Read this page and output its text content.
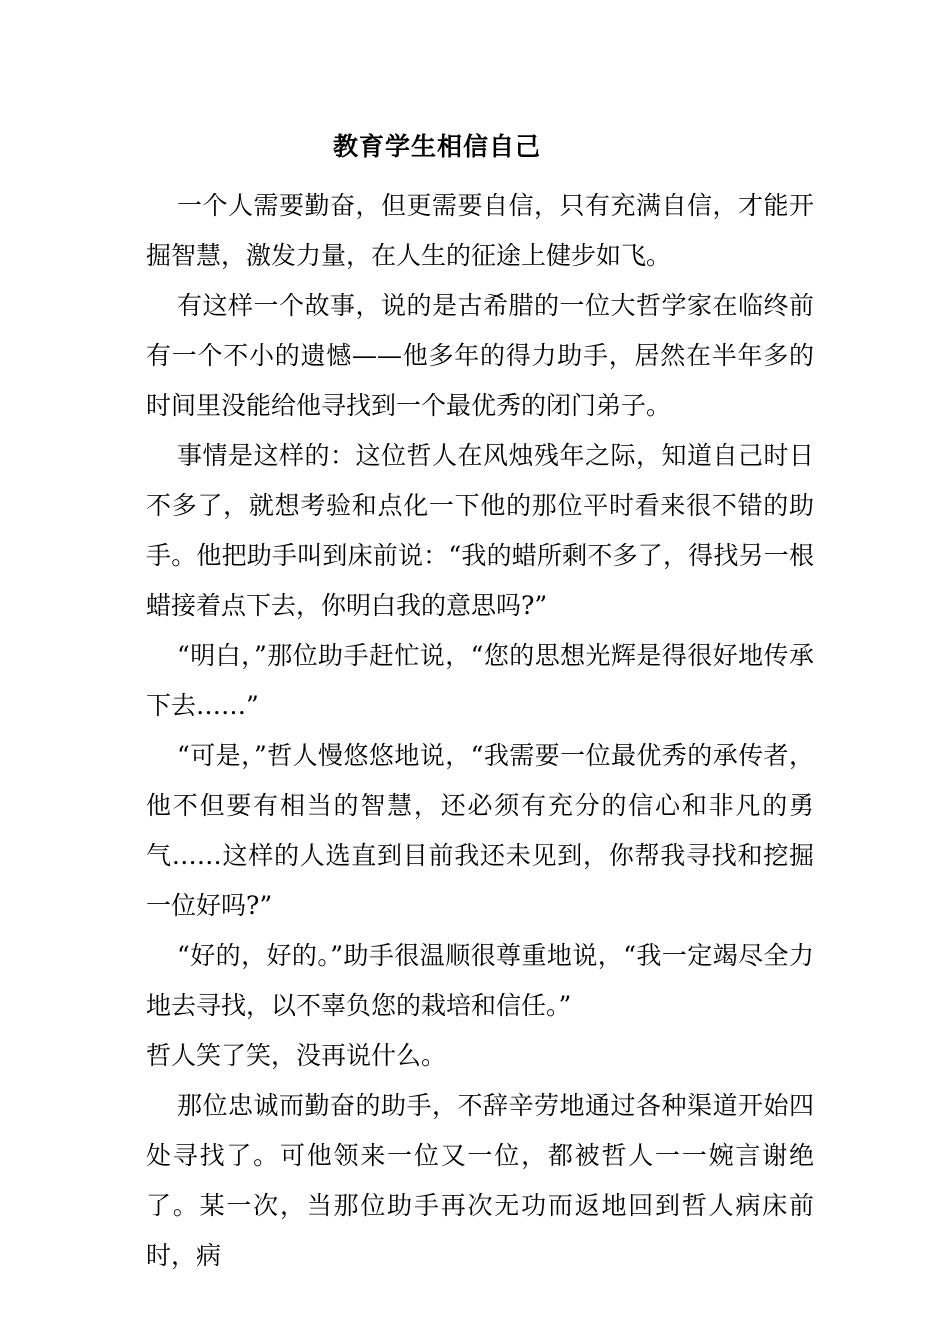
教育学生相信自己

一个人需要勤奋，但更需要自信，只有充满自信，才能开掘智慧，激发力量，在人生的征途上健步如飞。

有这样一个故事，说的是古希腊的一位大哲学家在临终前有一个不小的遗憾——他多年的得力助手，居然在半年多的时间里没能给他寻找到一个最优秀的闭门弟子。

事情是这样的：这位哲人在风烛残年之际，知道自己时日不多了，就想考验和点化一下他的那位平时看来很不错的助手。他把助手叫到床前说：“我的蜡所剩不多了，得找另一根蜡接着点下去，你明白我的意思吗?”

“明白，”那位助手赶忙说，“您的思想光辉是得很好地传承下去……”

“可是，”哲人慢悠悠地说，“我需要一位最优秀的承传者，他不但要有相当的智慧，还必须有充分的信心和非凡的勇气……这样的人选直到目前我还未见到，你帮我寻找和挖掘一位好吗?”

“好的，好的。”助手很温顺很尊重地说，“我一定竭尽全力地去寻找，以不辜负您的栽培和信任。”

哲人笑了笑，没再说什么。

那位忠诚而勤奋的助手，不辞辛劳地通过各种渠道开始四处寻找了。可他领来一位又一位，都被哲人一一婉言谢绝了。某一次，当那位助手再次无功而返地回到哲人病床前时，病
